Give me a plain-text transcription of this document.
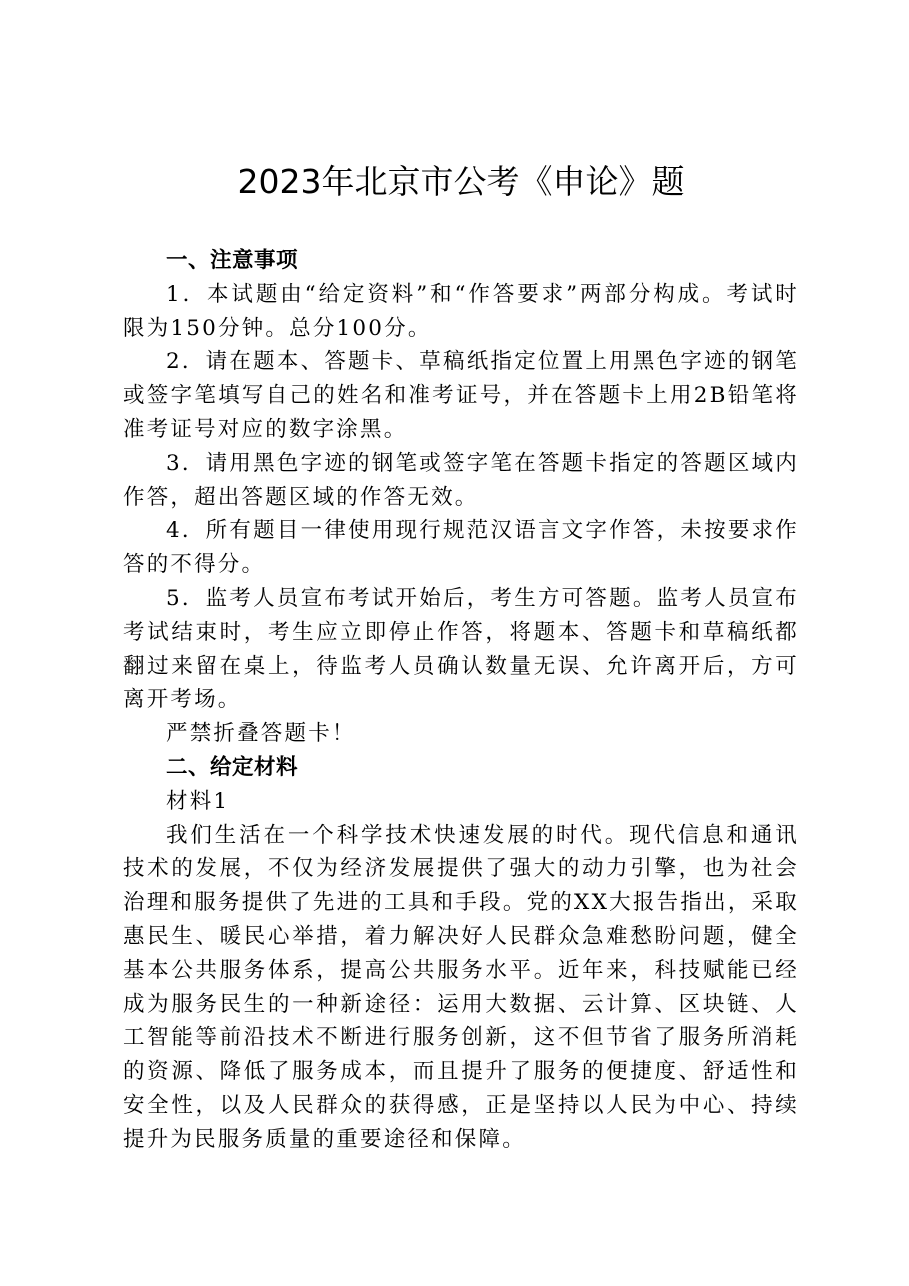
2023年北京市公考《申论》题

一、注意事项

1．本试题由“给定资料”和“作答要求”两部分构成。考试时限为150分钟。总分100分。

2．请在题本、答题卡、草稿纸指定位置上用黑色字迹的钢笔或签字笔填写自己的姓名和准考证号，并在答题卡上用2B铅笔将准考证号对应的数字涂黑。

3．请用黑色字迹的钢笔或签字笔在答题卡指定的答题区域内作答，超出答题区域的作答无效。

4．所有题目一律使用现行规范汉语言文字作答，未按要求作答的不得分。

5．监考人员宣布考试开始后，考生方可答题。监考人员宣布考试结束时，考生应立即停止作答，将题本、答题卡和草稿纸都翻过来留在桌上，待监考人员确认数量无误、允许离开后，方可离开考场。

严禁折叠答题卡！

二、给定材料

材料1

我们生活在一个科学技术快速发展的时代。现代信息和通讯技术的发展，不仅为经济发展提供了强大的动力引擎，也为社会治理和服务提供了先进的工具和手段。党的XX大报告指出，采取惠民生、暖民心举措，着力解决好人民群众急难愁盼问题，健全基本公共服务体系，提高公共服务水平。近年来，科技赋能已经成为服务民生的一种新途径：运用大数据、云计算、区块链、人工智能等前沿技术不断进行服务创新，这不但节省了服务所消耗的资源、降低了服务成本，而且提升了服务的便捷度、舒适性和安全性，以及人民群众的获得感，正是坚持以人民为中心、持续提升为民服务质量的重要途径和保障。
